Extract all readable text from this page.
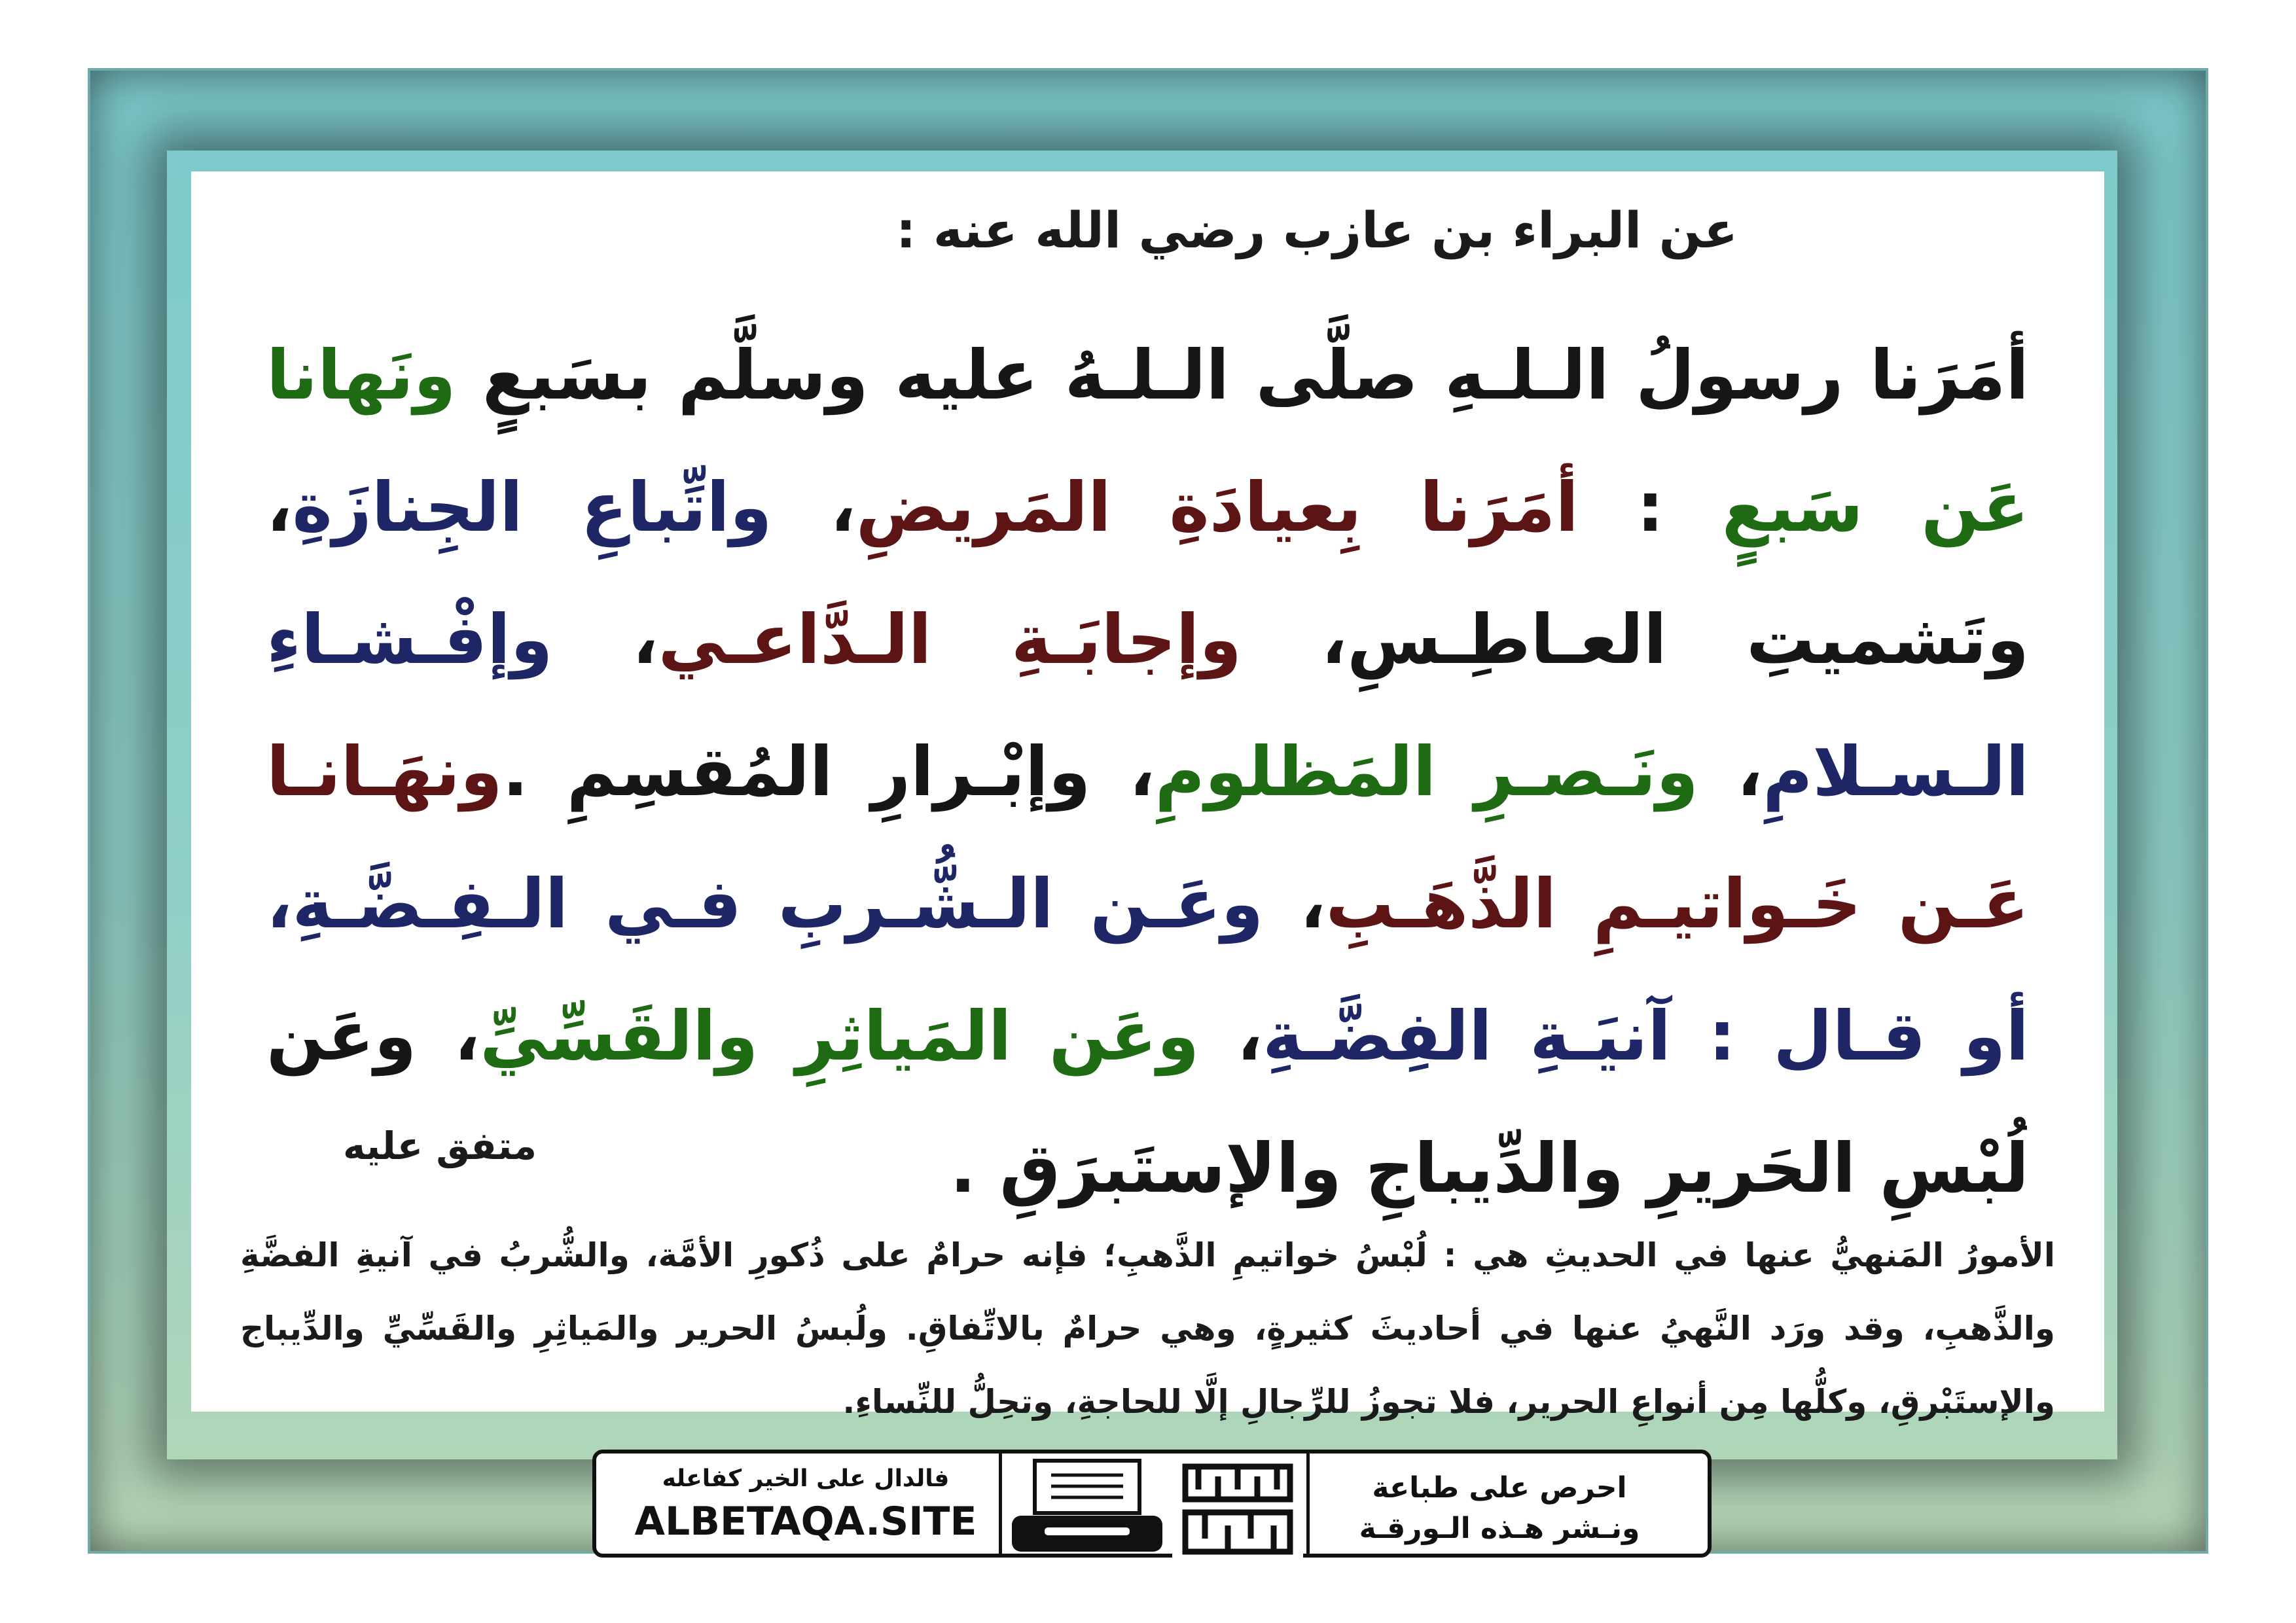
عن البراء بن عازب رضي الله عنه :

أمَرَنا رسولُ الـلـهِ صلَّى الـلـهُ عليه وسلَّم بسَبعٍ ونَهانا عَن سَبعٍ : أمَرَنا بِعيادَةِ المَريضِ، واتِّباعِ الجِنازَةِ، وتَشميتِ العـاطِـسِ، وإجابَـةِ الـدَّاعـي، وإفْـشـاءِ الـسـلامِ، ونَـصـرِ المَظلومِ، وإبْـرارِ المُقسِمِ .ونهَـانـا عَـن خَـواتيـمِ الذَّهَـبِ، وعَـن الـشُّـربِ فـي الـفِـضَّـةِ، أو قـال : آنيَـةِ الفِضَّـةِ، وعَن المَياثِرِ والقَسِّيِّ، وعَن لُبْسِ الحَريرِ والدِّيباجِ والإستَبرَقِ .

متفق عليه

الأمورُ المَنهيُّ عنها في الحديثِ هي : لُبْسُ خواتيمِ الذَّهبِ؛ فإنه حرامٌ على ذُكورِ الأمَّة، والشُّربُ في آنيةِ الفضَّةِ والذَّهبِ، وقد ورَد النَّهيُ عنها في أحاديثَ كثيرةٍ، وهي حرامٌ بالاتِّفاقِ. ولُبسُ الحرير والمَياثِرِ والقَسِّيِّ والدِّيباج والإستَبْرقِ، وكلُّها مِن أنواعِ الحرير، فلا تجوزُ للرِّجالِ إلَّا للحاجةِ، وتحِلُّ للنِّساءِ.

فالدال على الخير كفاعله

ALBETAQA.SITE

احرص على طباعة

ونـشر هـذه الـورقـة
